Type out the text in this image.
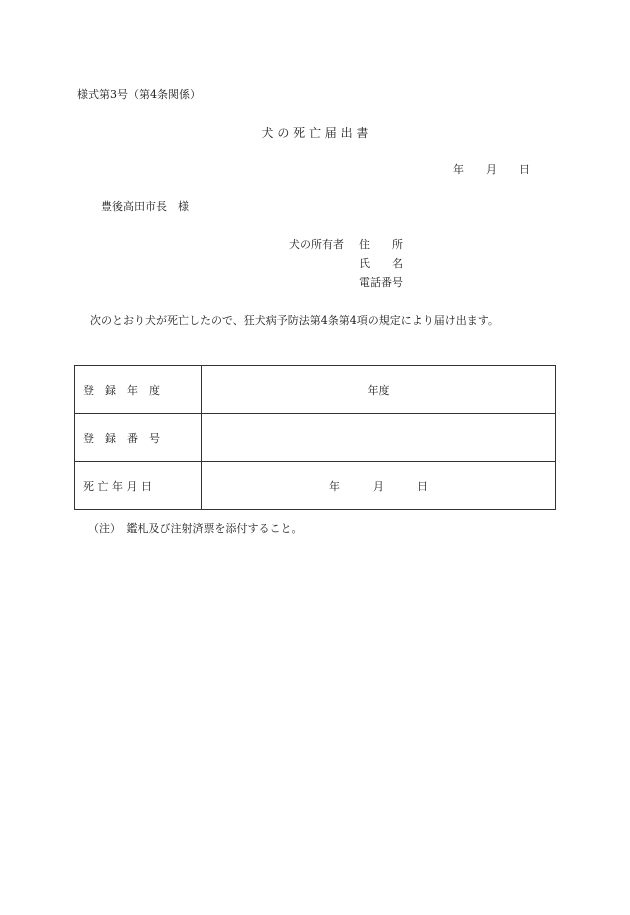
様式第3号（第4条関係）
犬 の 死 亡 届 出 書
年　　月　　日
豊後高田市長　様
犬の所有者	住　　所
氏　　名
電話番号
次のとおり犬が死亡したので、狂犬病予防法第4条第4項の規定により届け出ます。
登　録　年　度	年度
登　録　番　号	
死 亡 年 月 日	年　　　月　　　日
（注）　鑑札及び注射済票を添付すること。
